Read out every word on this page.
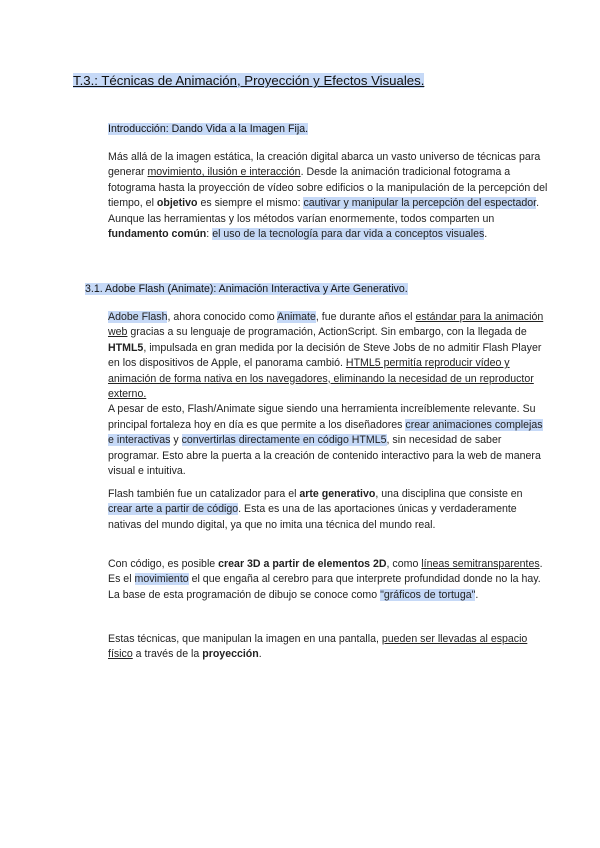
T.3.: Técnicas de Animación, Proyección y Efectos Visuales.
Introducción: Dando Vida a la Imagen Fija.

Más allá de la imagen estática, la creación digital abarca un vasto universo de técnicas para generar movimiento, ilusión e interacción. Desde la animación tradicional fotograma a fotograma hasta la proyección de vídeo sobre edificios o la manipulación de la percepción del tiempo, el objetivo es siempre el mismo: cautivar y manipular la percepción del espectador. Aunque las herramientas y los métodos varían enormemente, todos comparten un fundamento común: el uso de la tecnología para dar vida a conceptos visuales.

3.1. Adobe Flash (Animate): Animación Interactiva y Arte Generativo.

Adobe Flash, ahora conocido como Animate, fue durante años el estándar para la animación web gracias a su lenguaje de programación, ActionScript. Sin embargo, con la llegada de HTML5, impulsada en gran medida por la decisión de Steve Jobs de no admitir Flash Player en los dispositivos de Apple, el panorama cambió. HTML5 permitía reproducir vídeo y animación de forma nativa en los navegadores, eliminando la necesidad de un reproductor externo.

A pesar de esto, Flash/Animate sigue siendo una herramienta increíblemente relevante. Su principal fortaleza hoy en día es que permite a los diseñadores crear animaciones complejas e interactivas y convertirlas directamente en código HTML5, sin necesidad de saber programar. Esto abre la puerta a la creación de contenido interactivo para la web de manera visual e intuitiva.

Flash también fue un catalizador para el arte generativo, una disciplina que consiste en crear arte a partir de código. Esta es una de las aportaciones únicas y verdaderamente nativas del mundo digital, ya que no imita una técnica del mundo real.

Con código, es posible crear 3D a partir de elementos 2D, como líneas semitransparentes. Es el movimiento el que engaña al cerebro para que interprete profundidad donde no la hay. La base de esta programación de dibujo se conoce como "gráficos de tortuga".

Estas técnicas, que manipulan la imagen en una pantalla, pueden ser llevadas al espacio físico a través de la proyección.
